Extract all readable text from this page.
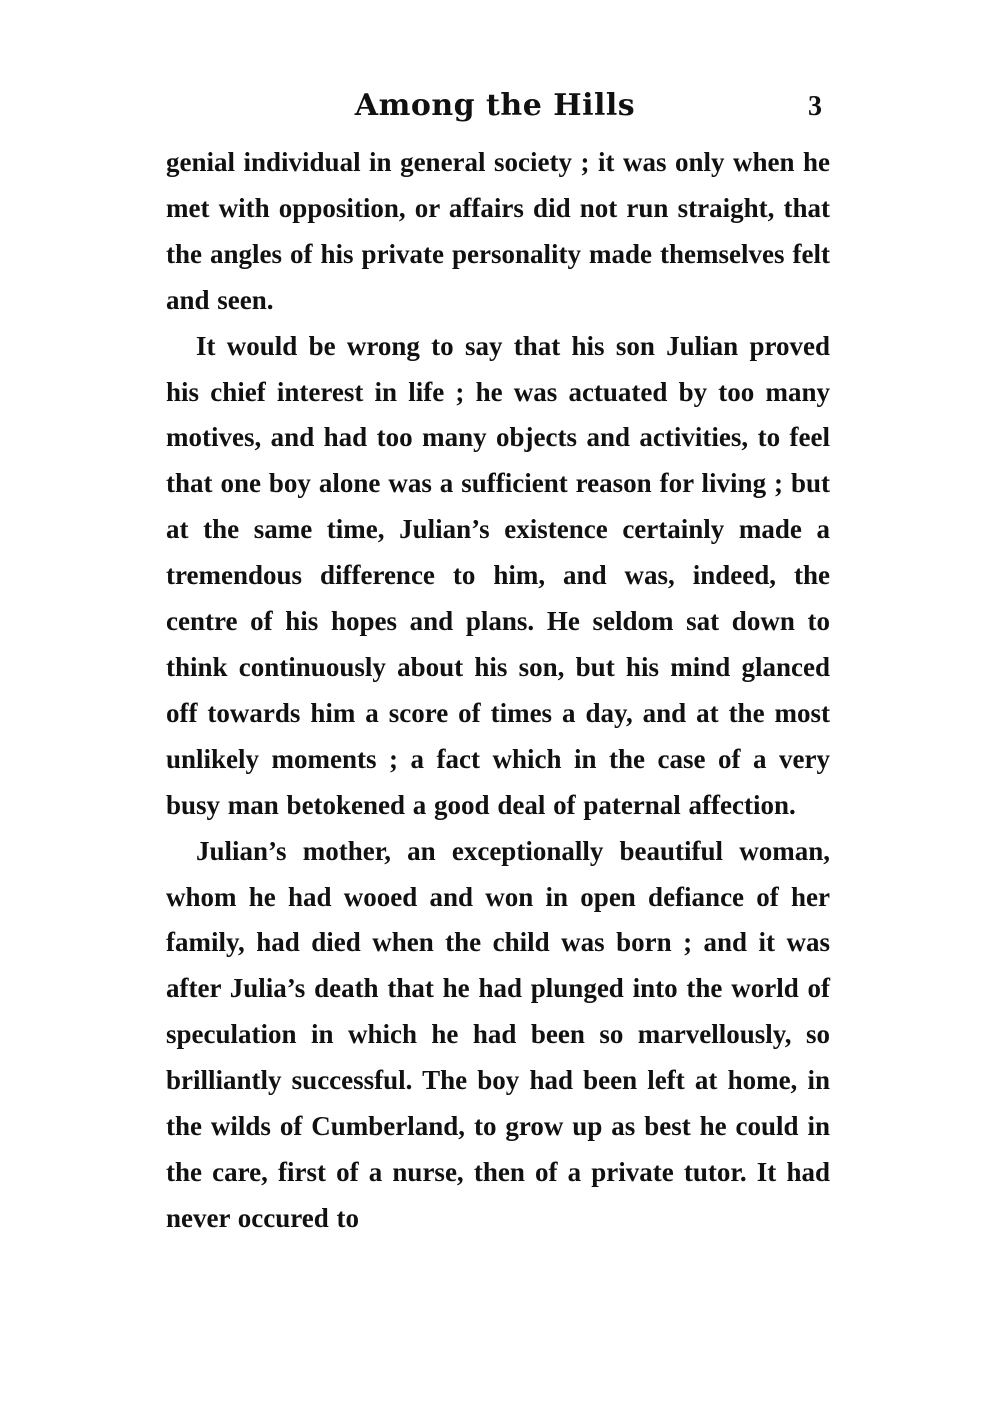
Among the Hills	3

genial individual in general society ; it was only when he met with opposition, or affairs did not run straight, that the angles of his private personality made themselves felt and seen.

It would be wrong to say that his son Julian proved his chief interest in life ; he was actuated by too many motives, and had too many objects and activities, to feel that one boy alone was a sufficient reason for living ; but at the same time, Julian’s existence certainly made a tremendous difference to him, and was, indeed, the centre of his hopes and plans. He seldom sat down to think continuously about his son, but his mind glanced off towards him a score of times a day, and at the most unlikely moments ; a fact which in the case of a very busy man betokened a good deal of paternal affection.

Julian’s mother, an exceptionally beautiful woman, whom he had wooed and won in open defiance of her family, had died when the child was born ; and it was after Julia’s death that he had plunged into the world of speculation in which he had been so marvellously, so brilliantly successful. The boy had been left at home, in the wilds of Cumberland, to grow up as best he could in the care, first of a nurse, then of a private tutor. It had never occured to
